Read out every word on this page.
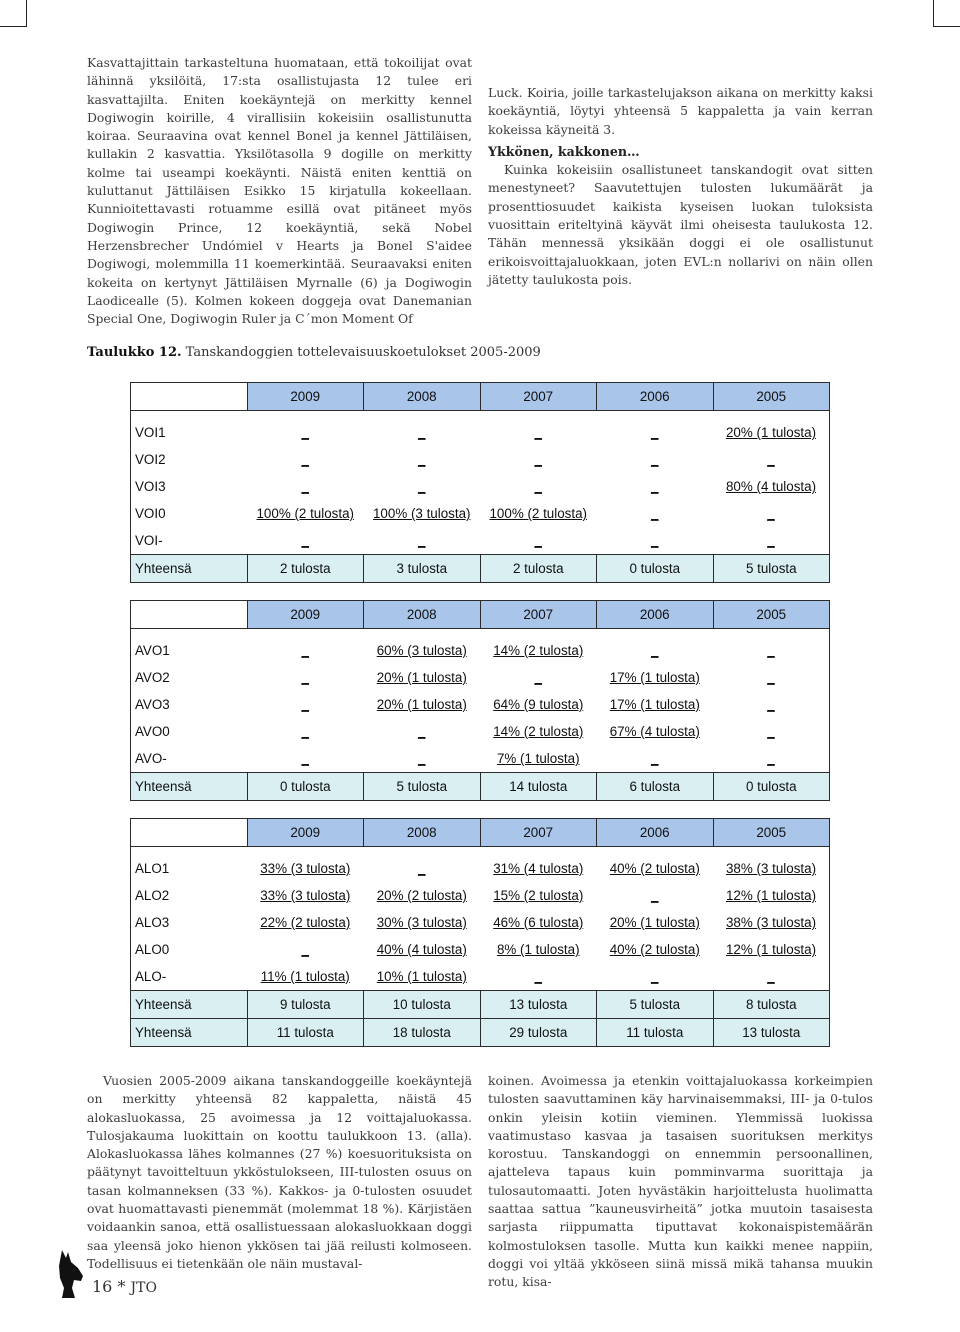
Kasvattajittain tarkasteltuna huomataan, että tokoilijat ovat lähinnä yksilöitä, 17:sta osallistujasta 12 tulee eri kasvattajilta. Eniten koekäyntejä on merkitty kennel Dogiwogin koirille, 4 virallisiin kokeisiin osallistunutta koiraa. Seuraavina ovat kennel Bonel ja kennel Jättiläisen, kullakin 2 kasvattia. Yksilötasolla 9 dogille on merkitty kolme tai useampi koekäynti. Näistä eniten kenttiä on kuluttanut Jättiläisen Esikko 15 kirjatulla kokeellaan. Kunnioitettavasti rotuamme esillä ovat pitäneet myös Dogiwogin Prince, 12 koekäyntiä, sekä Nobel Herzensbrecher Undómiel v Hearts ja Bonel S'aidee Dogiwogi, molemmilla 11 koemerkintää. Seuraavaksi eniten kokeita on kertynyt Jättiläisen Myrnalle (6) ja Dogiwogin Laodicealle (5). Kolmen kokeen doggeja ovat Danemanian Special One, Dogiwogin Ruler ja C´mon Moment Of

Luck. Koiria, joille tarkastelujakson aikana on merkitty kaksi koekäyntiä, löytyi yhteensä 5 kappaletta ja vain kerran kokeissa käyneitä 3.

Ykkönen, kakkonen…

Kuinka kokeisiin osallistuneet tanskandogit ovat sitten menestyneet? Saavutettujen tulosten lukumäärät ja prosenttiosuudet kaikista kyseisen luokan tuloksista vuosittain eriteltyinä käyvät ilmi oheisesta taulukosta 12. Tähän mennessä yksikään doggi ei ole osallistunut erikoisvoittajaluokkaan, joten EVL:n nollarivi on näin ollen jätetty taulukosta pois.

Taulukko 12. Tanskandoggien tottelevaisuuskoetulokset 2005-2009
	2009	2008	2007	2006	2005

VOI1	_	_	_	_	20% (1 tulosta)
VOI2	_	_	_	_	_
VOI3	_	_	_	_	80% (4 tulosta)
VOI0	100% (2 tulosta)	100% (3 tulosta)	100% (2 tulosta)	_	_
VOI-	_	_	_	_	_
Yhteensä	2 tulosta	3 tulosta	2 tulosta	0 tulosta	5 tulosta
	2009	2008	2007	2006	2005

AVO1	_	60% (3 tulosta)	14% (2 tulosta)	_	_
AVO2	_	20% (1 tulosta)	_	17% (1 tulosta)	_
AVO3	_	20% (1 tulosta)	64% (9 tulosta)	17% (1 tulosta)	_
AVO0	_	_	14% (2 tulosta)	67% (4 tulosta)	_
AVO-	_	_	7% (1 tulosta)	_	_
Yhteensä	0 tulosta	5 tulosta	14 tulosta	6 tulosta	0 tulosta
	2009	2008	2007	2006	2005

ALO1	33% (3 tulosta)	_	31% (4 tulosta)	40% (2 tulosta)	38% (3 tulosta)
ALO2	33% (3 tulosta)	20% (2 tulosta)	15% (2 tulosta)	_	12% (1 tulosta)
ALO3	22% (2 tulosta)	30% (3 tulosta)	46% (6 tulosta)	20% (1 tulosta)	38% (3 tulosta)
ALO0	_	40% (4 tulosta)	8% (1 tulosta)	40% (2 tulosta)	12% (1 tulosta)
ALO-	11% (1 tulosta)	10% (1 tulosta)	_	_	_
Yhteensä	9 tulosta	10 tulosta	13 tulosta	5 tulosta	8 tulosta
Yhteensä	11 tulosta	18 tulosta	29 tulosta	11 tulosta	13 tulosta

Vuosien 2005-2009 aikana tanskandoggeille koekäyntejä on merkitty yhteensä 82 kappaletta, näistä 45 alokasluokassa, 25 avoimessa ja 12 voittajaluokassa. Tulosjakauma luokittain on koottu taulukkoon 13. (alla). Alokasluokassa lähes kolmannes (27 %) koesuorituksista on päätynyt tavoitteltuun ykköstulokseen, III-tulosten osuus on tasan kolmanneksen (33 %). Kakkos- ja 0-tulosten osuudet ovat huomattavasti pienemmät (molemmat 18 %). Kärjistäen voidaankin sanoa, että osallistuessaan alokasluokkaan doggi saa yleensä joko hienon ykkösen tai jää reilusti kolmoseen. Todellisuus ei tietenkään ole näin mustaval-

koinen. Avoimessa ja etenkin voittajaluokassa korkeimpien tulosten saavuttaminen käy harvinaisemmaksi, III- ja 0-tulos onkin yleisin kotiin vieminen. Ylemmissä luokissa vaatimustaso kasvaa ja tasaisen suorituksen merkitys korostuu. Tanskandoggi on ennemmin persoonallinen, ajatteleva tapaus kuin pomminvarma suorittaja ja tulosautomaatti. Joten hyvästäkin harjoittelusta huolimatta saattaa sattua ”kauneusvirheitä” jotka muutoin tasaisesta sarjasta riippumatta tiputtavat kokonaispistemäärän kolmostuloksen tasolle. Mutta kun kaikki menee nappiin, doggi voi yltää ykköseen siinä missä mikä tahansa muukin rotu, kisa-

16 * JTO
